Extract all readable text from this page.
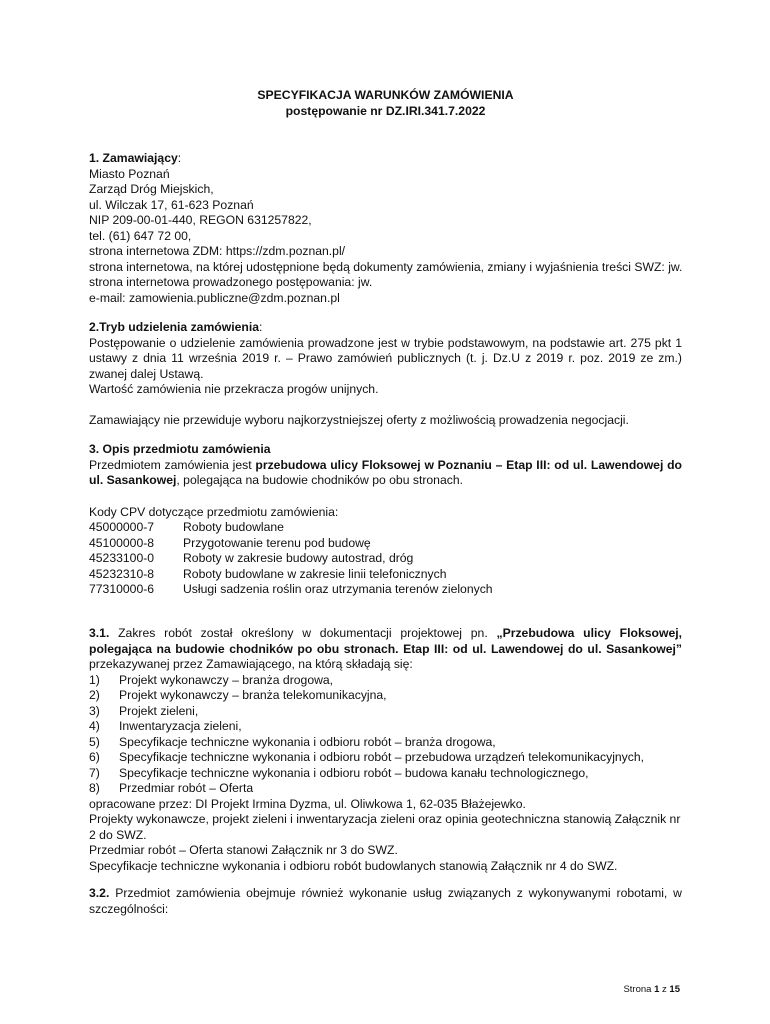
SPECYFIKACJA WARUNKÓW ZAMÓWIENIA
postępowanie nr DZ.IRI.341.7.2022
1. Zamawiający:
Miasto Poznań
Zarząd Dróg Miejskich,
ul. Wilczak 17, 61-623 Poznań
NIP 209-00-01-440, REGON 631257822,
tel. (61) 647 72 00,
strona internetowa ZDM: https://zdm.poznan.pl/
strona internetowa, na której udostępnione będą dokumenty zamówienia, zmiany i wyjaśnienia treści SWZ: jw.
strona internetowa prowadzonego postępowania: jw.
e-mail: zamowienia.publiczne@zdm.poznan.pl
2.Tryb udzielenia zamówienia:
Postępowanie o udzielenie zamówienia prowadzone jest w trybie podstawowym, na podstawie art. 275 pkt 1 ustawy z dnia 11 września 2019 r. – Prawo zamówień publicznych (t. j. Dz.U z 2019 r. poz. 2019 ze zm.) zwanej dalej Ustawą.
Wartość zamówienia nie przekracza progów unijnych.
Zamawiający nie przewiduje wyboru najkorzystniejszej oferty z możliwością prowadzenia negocjacji.
3. Opis przedmiotu zamówienia
Przedmiotem zamówienia jest przebudowa ulicy Floksowej w Poznaniu – Etap III: od ul. Lawendowej do ul. Sasankowej, polegająca na budowie chodników po obu stronach.
Kody CPV dotyczące przedmiotu zamówienia:
45000000-7	Roboty budowlane
45100000-8	Przygotowanie terenu pod budowę
45233100-0	Roboty w zakresie budowy autostrad, dróg
45232310-8	Roboty budowlane w zakresie linii telefonicznych
77310000-6	Usługi sadzenia roślin oraz utrzymania terenów zielonych
3.1. Zakres robót został określony w dokumentacji projektowej pn. „Przebudowa ulicy Floksowej, polegająca na budowie chodników po obu stronach. Etap III: od ul. Lawendowej do ul. Sasankowej” przekazywanej przez Zamawiającego, na którą składają się:
1)	Projekt wykonawczy – branża drogowa,
2)	Projekt wykonawczy – branża telekomunikacyjna,
3)	Projekt zieleni,
4)	Inwentaryzacja zieleni,
5)	Specyfikacje techniczne wykonania i odbioru robót – branża drogowa,
6)	Specyfikacje techniczne wykonania i odbioru robót – przebudowa urządzeń telekomunikacyjnych,
7)	Specyfikacje techniczne wykonania i odbioru robót – budowa kanału technologicznego,
8)	Przedmiar robót – Oferta
opracowane przez: DI Projekt Irmina Dyzma, ul. Oliwkowa 1, 62-035 Błażejewko.
Projekty wykonawcze, projekt zieleni i inwentaryzacja zieleni oraz opinia geotechniczna stanowią Załącznik nr 2 do SWZ.
Przedmiar robót – Oferta stanowi Załącznik nr 3 do SWZ.
Specyfikacje techniczne wykonania i odbioru robót budowlanych stanowią Załącznik nr 4 do SWZ.
3.2. Przedmiot zamówienia obejmuje również wykonanie usług związanych z wykonywanymi robotami, w szczególności:
Strona 1 z 15
